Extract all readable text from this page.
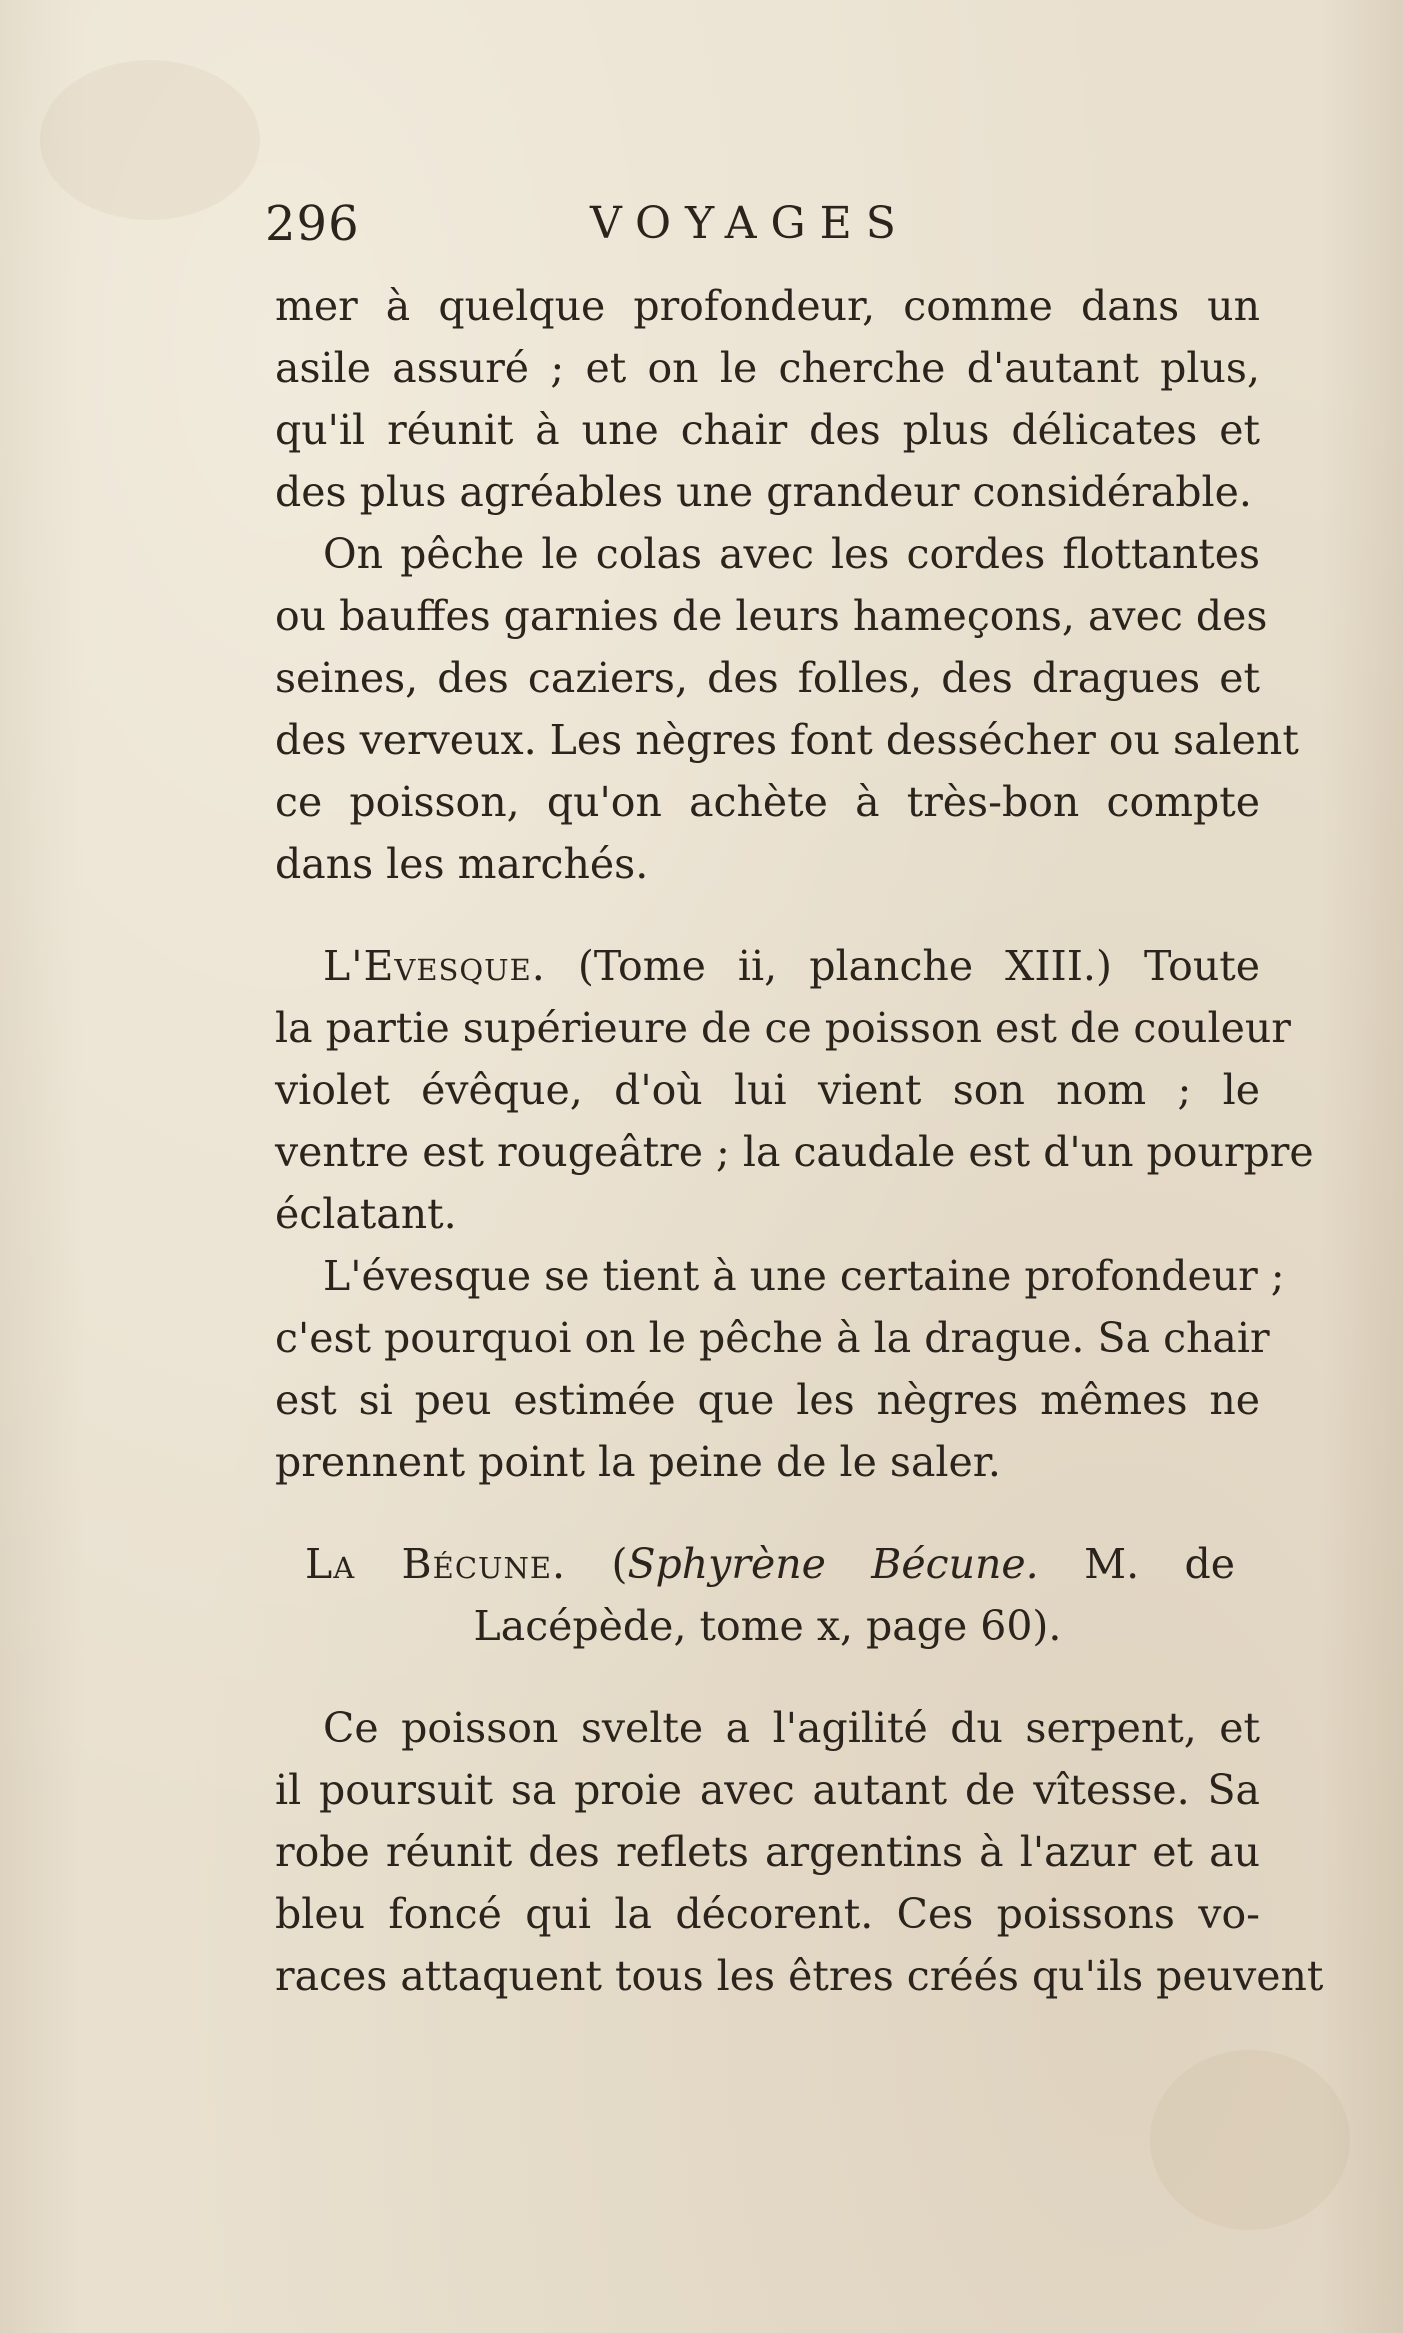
296	VOYAGES
mer à quelque profondeur, comme dans un
asile assuré ; et on le cherche d'autant plus,
qu'il réunit à une chair des plus délicates et
des plus agréables une grandeur considérable.
On pêche le colas avec les cordes flottantes
ou bauffes garnies de leurs hameçons, avec des
seines, des caziers, des folles, des dragues et
des verveux. Les nègres font dessécher ou salent
ce poisson, qu'on achète à très-bon compte
dans les marchés.
L'Evesque. (Tome ii, planche XIII.) Toute
la partie supérieure de ce poisson est de couleur
violet évêque, d'où lui vient son nom ; le
ventre est rougeâtre ; la caudale est d'un pourpre
éclatant.
L'évesque se tient à une certaine profondeur ;
c'est pourquoi on le pêche à la drague. Sa chair
est si peu estimée que les nègres mêmes ne
prennent point la peine de le saler.
La Bécune. (Sphyrène Bécune. M. de
Lacépède, tome x, page 60).
Ce poisson svelte a l'agilité du serpent, et
il poursuit sa proie avec autant de vîtesse. Sa
robe réunit des reflets argentins à l'azur et au
bleu foncé qui la décorent. Ces poissons vo-
races attaquent tous les êtres créés qu'ils peuvent
